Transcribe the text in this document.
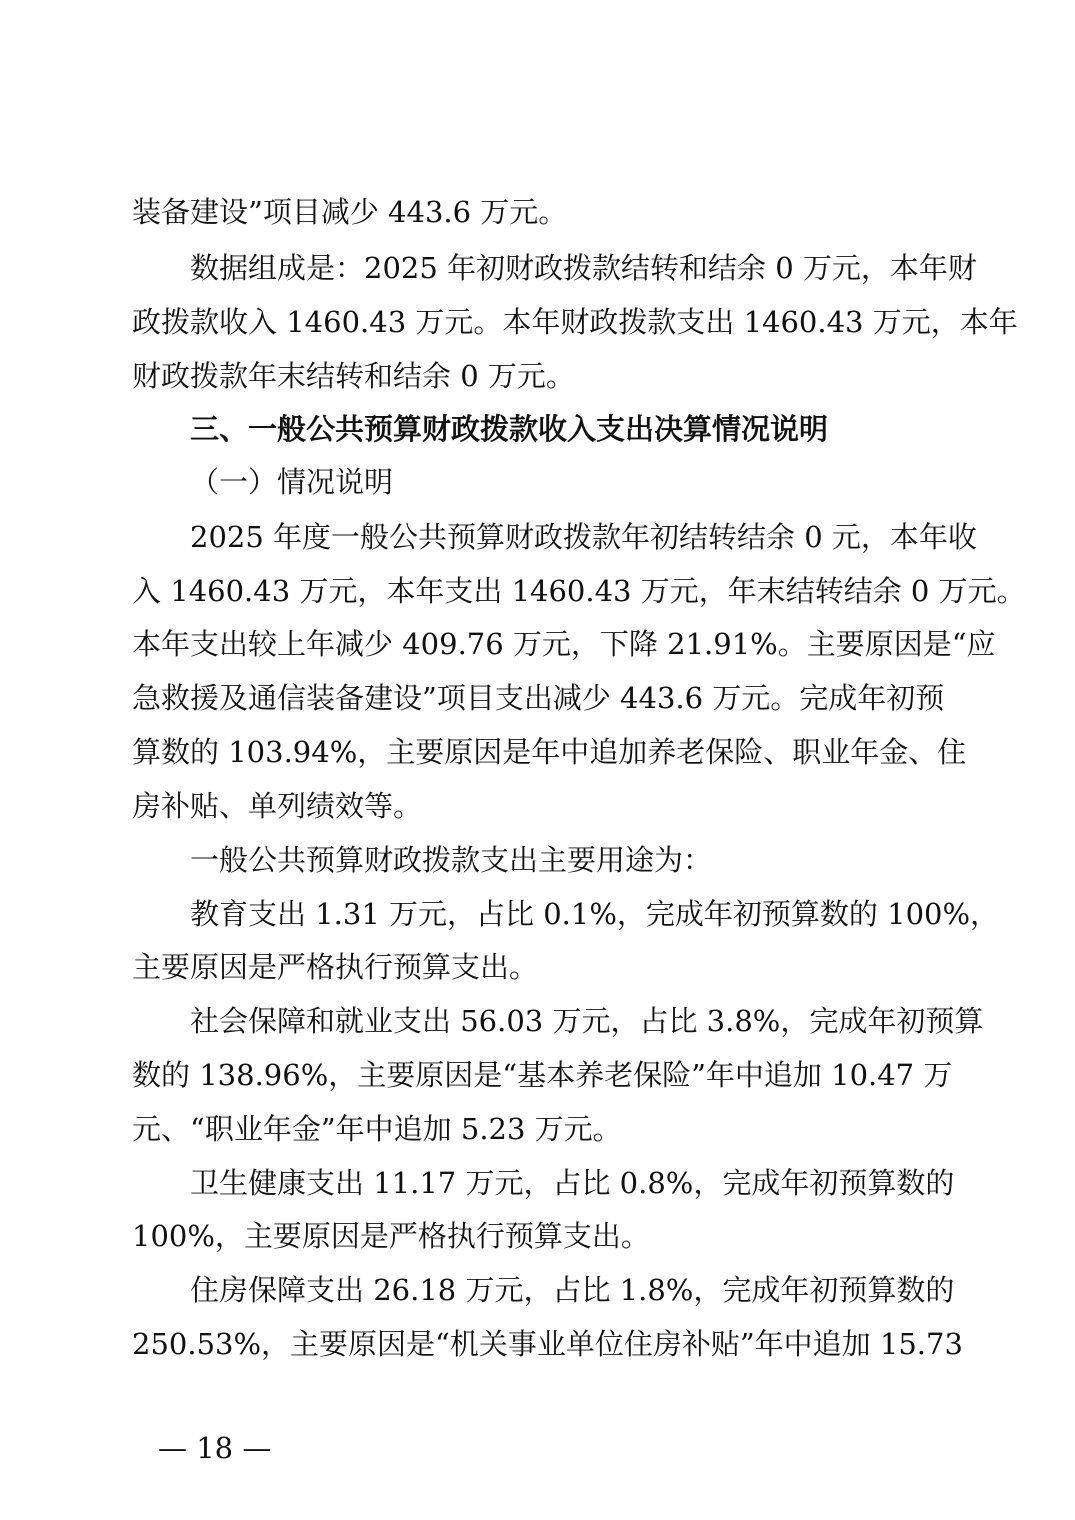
装备建设”项目减少 443.6 万元。
数据组成是：2025 年初财政拨款结转和结余 0 万元，本年财
政拨款收入 1460.43 万元。本年财政拨款支出 1460.43 万元，本年
财政拨款年末结转和结余 0 万元。
三、一般公共预算财政拨款收入支出决算情况说明
（一）情况说明
2025 年度一般公共预算财政拨款年初结转结余 0 元，本年收
入 1460.43 万元，本年支出 1460.43 万元，年末结转结余 0 万元。
本年支出较上年减少 409.76 万元，下降 21.91%。主要原因是“应
急救援及通信装备建设”项目支出减少 443.6 万元。完成年初预
算数的 103.94%，主要原因是年中追加养老保险、职业年金、住
房补贴、单列绩效等。
一般公共预算财政拨款支出主要用途为：
教育支出 1.31 万元，占比 0.1%，完成年初预算数的 100%，
主要原因是严格执行预算支出。
社会保障和就业支出 56.03 万元，占比 3.8%，完成年初预算
数的 138.96%，主要原因是“基本养老保险”年中追加 10.47 万
元、“职业年金”年中追加 5.23 万元。
卫生健康支出 11.17 万元，占比 0.8%，完成年初预算数的
100%，主要原因是严格执行预算支出。
住房保障支出 26.18 万元，占比 1.8%，完成年初预算数的
250.53%，主要原因是“机关事业单位住房补贴”年中追加 15.73
— 18 —
